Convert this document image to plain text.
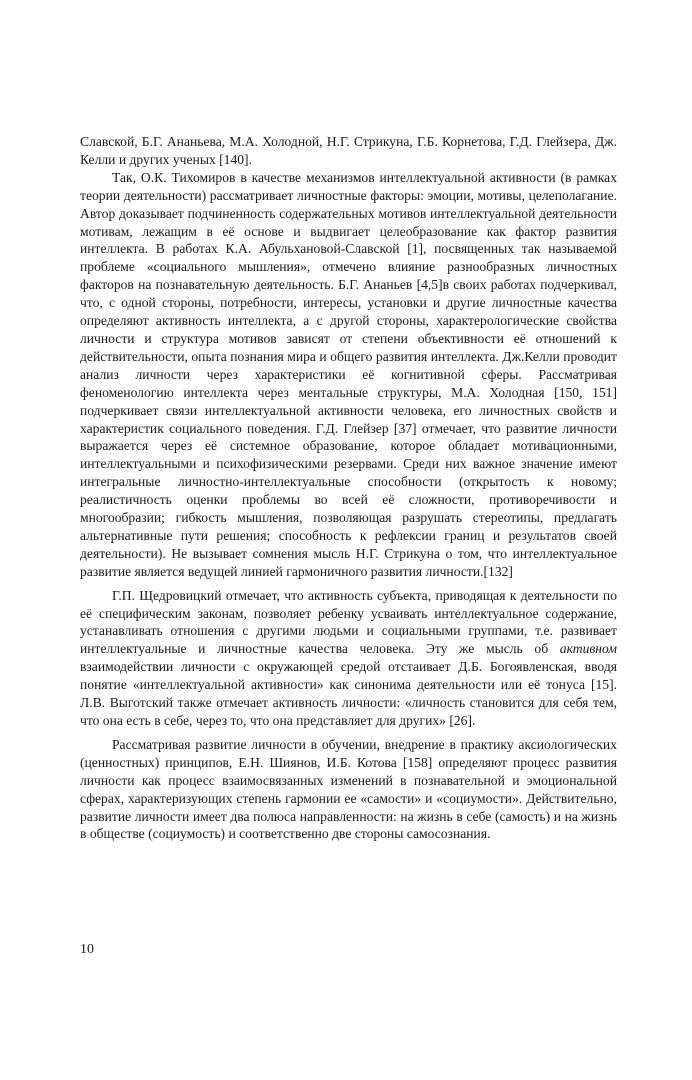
Славской, Б.Г. Ананьева, М.А. Холодной, Н.Г. Стрикуна, Г.Б. Корнетова, Г.Д. Глейзера, Дж. Келли и других ученых [140].

Так, О.К. Тихомиров в качестве механизмов интеллектуальной активности (в рамках теории деятельности) рассматривает личностные факторы: эмоции, мотивы, целеполагание. Автор доказывает подчиненность содержательных мотивов интеллектуальной деятельности мотивам, лежащим в её основе и выдвигает целеобразование как фактор развития интеллекта. В работах К.А. Абульхановой-Славской [1], посвященных так называемой проблеме «социального мышления», отмечено влияние разнообразных личностных факторов на познавательную деятельность. Б.Г. Ананьев [4,5]в своих работах подчеркивал, что, с одной стороны, потребности, интересы, установки и другие личностные качества определяют активность интеллекта, а с другой стороны, характерологические свойства личности и структура мотивов зависят от степени объективности её отношений к действительности, опыта познания мира и общего развития интеллекта. Дж.Келли проводит анализ личности через характеристики её когнитивной сферы. Рассматривая феноменологию интеллекта через ментальные структуры, М.А. Холодная [150, 151] подчеркивает связи интеллектуальной активности человека, его личностных свойств и характеристик социального поведения. Г.Д. Глейзер [37] отмечает, что развитие личности выражается через её системное образование, которое обладает мотивационными, интеллектуальными и психофизическими резервами. Среди них важное значение имеют интегральные личностно-интеллектуальные способности (открытость к новому; реалистичность оценки проблемы во всей её сложности, противоречивости и многообразии; гибкость мышления, позволяющая разрушать стереотипы, предлагать альтернативные пути решения; способность к рефлексии границ и результатов своей деятельности). Не вызывает сомнения мысль Н.Г. Стрикуна о том, что интеллектуальное развитие является ведущей линией гармоничного развития личности.[132]

Г.П. Щедровицкий отмечает, что активность субъекта, приводящая к деятельности по её специфическим законам, позволяет ребенку усваивать интеллектуальное содержание, устанавливать отношения с другими людьми и социальными группами, т.е. развивает интеллектуальные и личностные качества человека. Эту же мысль об активном взаимодействии личности с окружающей средой отстаивает Д.Б. Богоявленская, вводя понятие «интеллектуальной активности» как синонима деятельности или её тонуса [15]. Л.В. Выготский также отмечает активность личности: «личность становится для себя тем, что она есть в себе, через то, что она представляет для других» [26].

Рассматривая развитие личности в обучении, внедрение в практику аксиологических (ценностных) принципов, Е.Н. Шиянов, И.Б. Котова [158] определяют процесс развития личности как процесс взаимосвязанных изменений в познавательной и эмоциональной сферах, характеризующих степень гармонии ее «самости» и «социумости». Действительно, развитие личности имеет два полюса направленности: на жизнь в себе (самость) и на жизнь в обществе (социумость) и соответственно две стороны самосознания.

10
